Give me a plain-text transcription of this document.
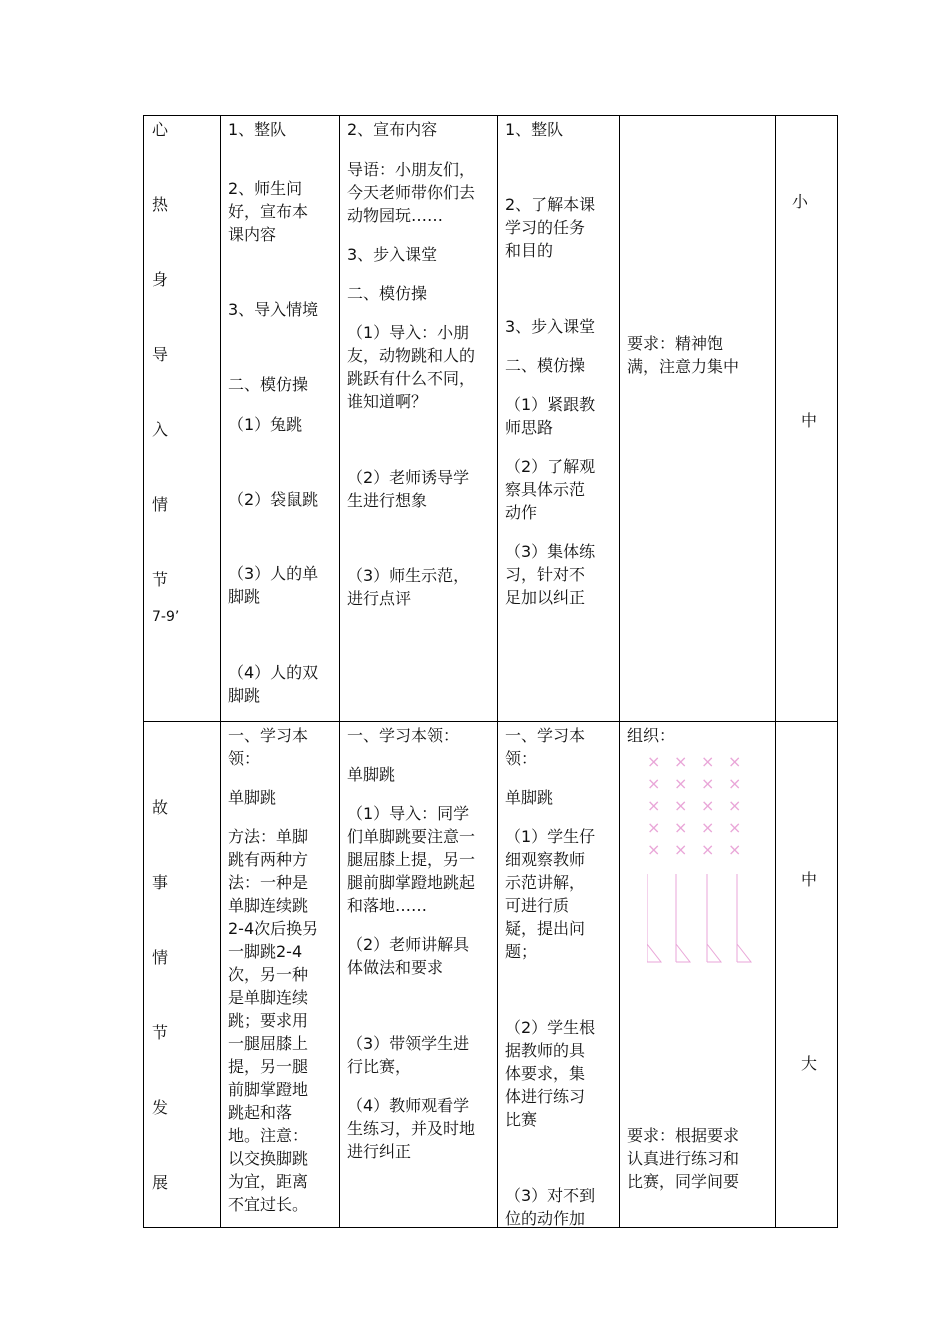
心
热
身
导
入
情
节
7-9’
1、整队
2、师生问
好，宣布本
课内容
3、导入情境
二、模仿操
（1）兔跳
（2）袋鼠跳
（3）人的单
脚跳
（4）人的双
脚跳
2、宣布内容
导语：小朋友们，
今天老师带你们去
动物园玩……
3、步入课堂
二、模仿操
（1）导入：小朋
友，动物跳和人的
跳跃有什么不同，
谁知道啊？
（2）老师诱导学
生进行想象
（3）师生示范，
进行点评
1、整队
2、了解本课
学习的任务
和目的
3、步入课堂
二、模仿操
（1）紧跟教
师思路
（2）了解观
察具体示范
动作
（3）集体练
习，针对不
足加以纠正
要求：精神饱
满，注意力集中
小
中
故
事
情
节
发
展
一、学习本
领：
单脚跳
方法：单脚
跳有两种方
法：一种是
单脚连续跳
2-4次后换另
一脚跳2-4
次，另一种
是单脚连续
跳；要求用
一腿屈膝上
提，另一腿
前脚掌蹬地
跳起和落
地。注意：
以交换脚跳
为宜，距离
不宜过长。
一、学习本领：
单脚跳
（1）导入：同学
们单脚跳要注意一
腿屈膝上提，另一
腿前脚掌蹬地跳起
和落地……
（2）老师讲解具
体做法和要求
（3）带领学生进
行比赛，
（4）教师观看学
生练习，并及时地
进行纠正
一、学习本
领：
单脚跳
（1）学生仔
细观察教师
示范讲解，
可进行质
疑，提出问
题；
（2）学生根
据教师的具
体要求，集
体进行练习
比赛
（3）对不到
位的动作加
组织：
× × × ×
× × × ×
× × × ×
× × × ×
× × × ×
要求：根据要求
认真进行练习和
比赛，同学间要
中
大
